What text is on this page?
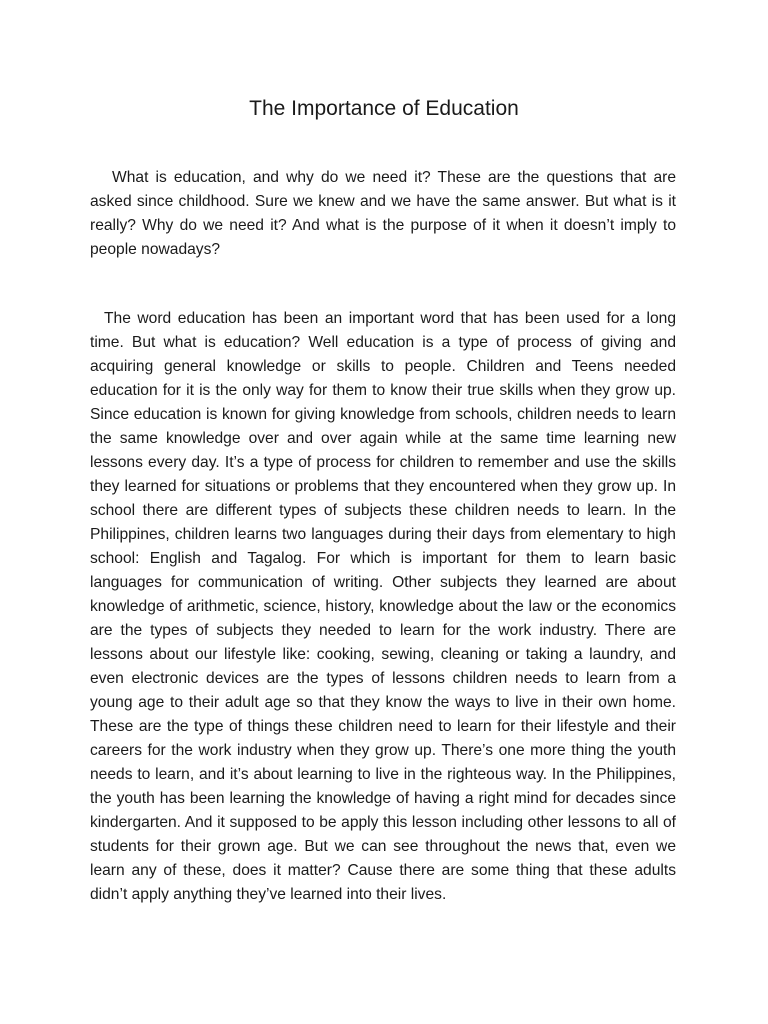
The Importance of Education

What is education, and why do we need it? These are the questions that are asked since childhood. Sure we knew and we have the same answer. But what is it really? Why do we need it? And what is the purpose of it when it doesn’t imply to people nowadays?

The word education has been an important word that has been used for a long time. But what is education? Well education is a type of process of giving and acquiring general knowledge or skills to people. Children and Teens needed education for it is the only way for them to know their true skills when they grow up. Since education is known for giving knowledge from schools, children needs to learn the same knowledge over and over again while at the same time learning new lessons every day. It’s a type of process for children to remember and use the skills they learned for situations or problems that they encountered when they grow up. In school there are different types of subjects these children needs to learn. In the Philippines, children learns two languages during their days from elementary to high school: English and Tagalog. For which is important for them to learn basic languages for communication of writing. Other subjects they learned are about knowledge of arithmetic, science, history, knowledge about the law or the economics are the types of subjects they needed to learn for the work industry. There are lessons about our lifestyle like: cooking, sewing, cleaning or taking a laundry, and even electronic devices are the types of lessons children needs to learn from a young age to their adult age so that they know the ways to live in their own home. These are the type of things these children need to learn for their lifestyle and their careers for the work industry when they grow up. There’s one more thing the youth needs to learn, and it’s about learning to live in the righteous way. In the Philippines, the youth has been learning the knowledge of having a right mind for decades since kindergarten. And it supposed to be apply this lesson including other lessons to all of students for their grown age. But we can see throughout the news that, even we learn any of these, does it matter? Cause there are some thing that these adults didn’t apply anything they’ve learned into their lives.
